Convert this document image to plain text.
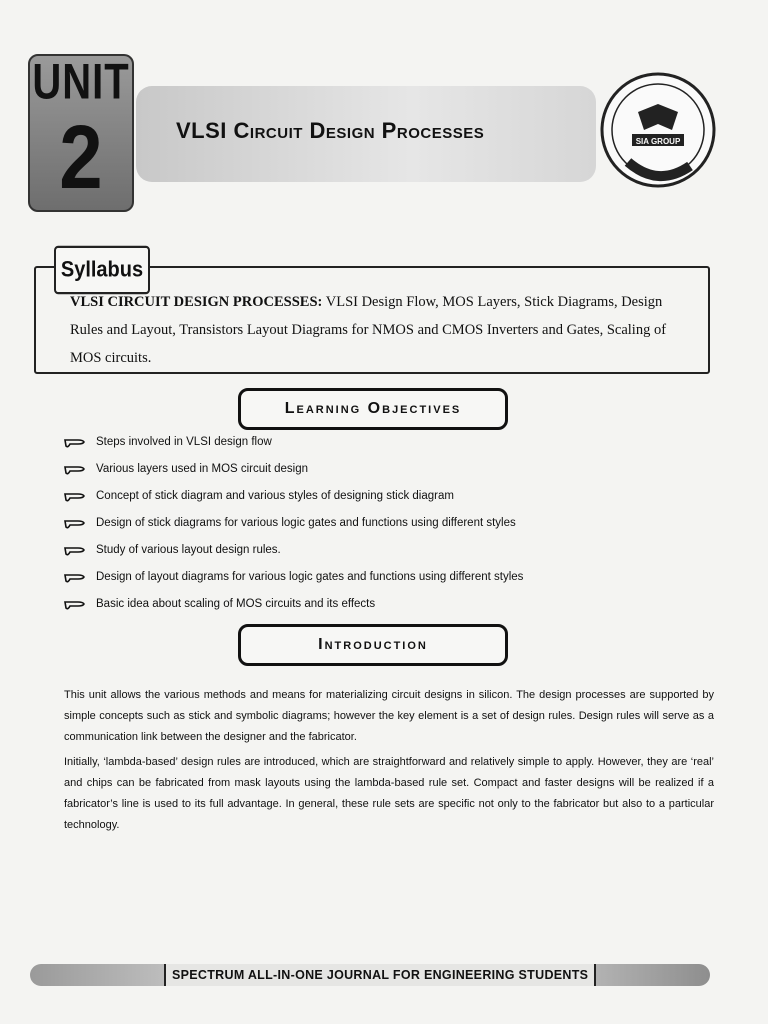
UNIT
2	VLSI Circuit Design Processes	SIA GROUP
Syllabus
VLSI CIRCUIT DESIGN PROCESSES: VLSI Design Flow, MOS Layers, Stick Diagrams, Design Rules and Layout, Transistors Layout Diagrams for NMOS and CMOS Inverters and Gates, Scaling of MOS circuits.
Learning Objectives
Steps involved in VLSI design flow
Various layers used in MOS circuit design
Concept of stick diagram and various styles of designing stick diagram
Design of stick diagrams for various logic gates and functions using different styles
Study of various layout design rules.
Design of layout diagrams for various logic gates and functions using different styles
Basic idea about scaling of MOS circuits and its effects
Introduction

This unit allows the various methods and means for materializing circuit designs in silicon. The design processes are supported by simple concepts such as stick and symbolic diagrams; however the key element is a set of design rules. Design rules will serve as a communication link between the designer and the fabricator.

Initially, ‘lambda-based’ design rules are introduced, which are straightforward and relatively simple to apply. However, they are ‘real’ and chips can be fabricated from mask layouts using the lambda-based rule set. Compact and faster designs will be realized if a fabricator’s line is used to its full advantage. In general, these rule sets are specific not only to the fabricator but also to a particular technology.

SPECTRUM ALL-IN-ONE JOURNAL FOR ENGINEERING STUDENTS
